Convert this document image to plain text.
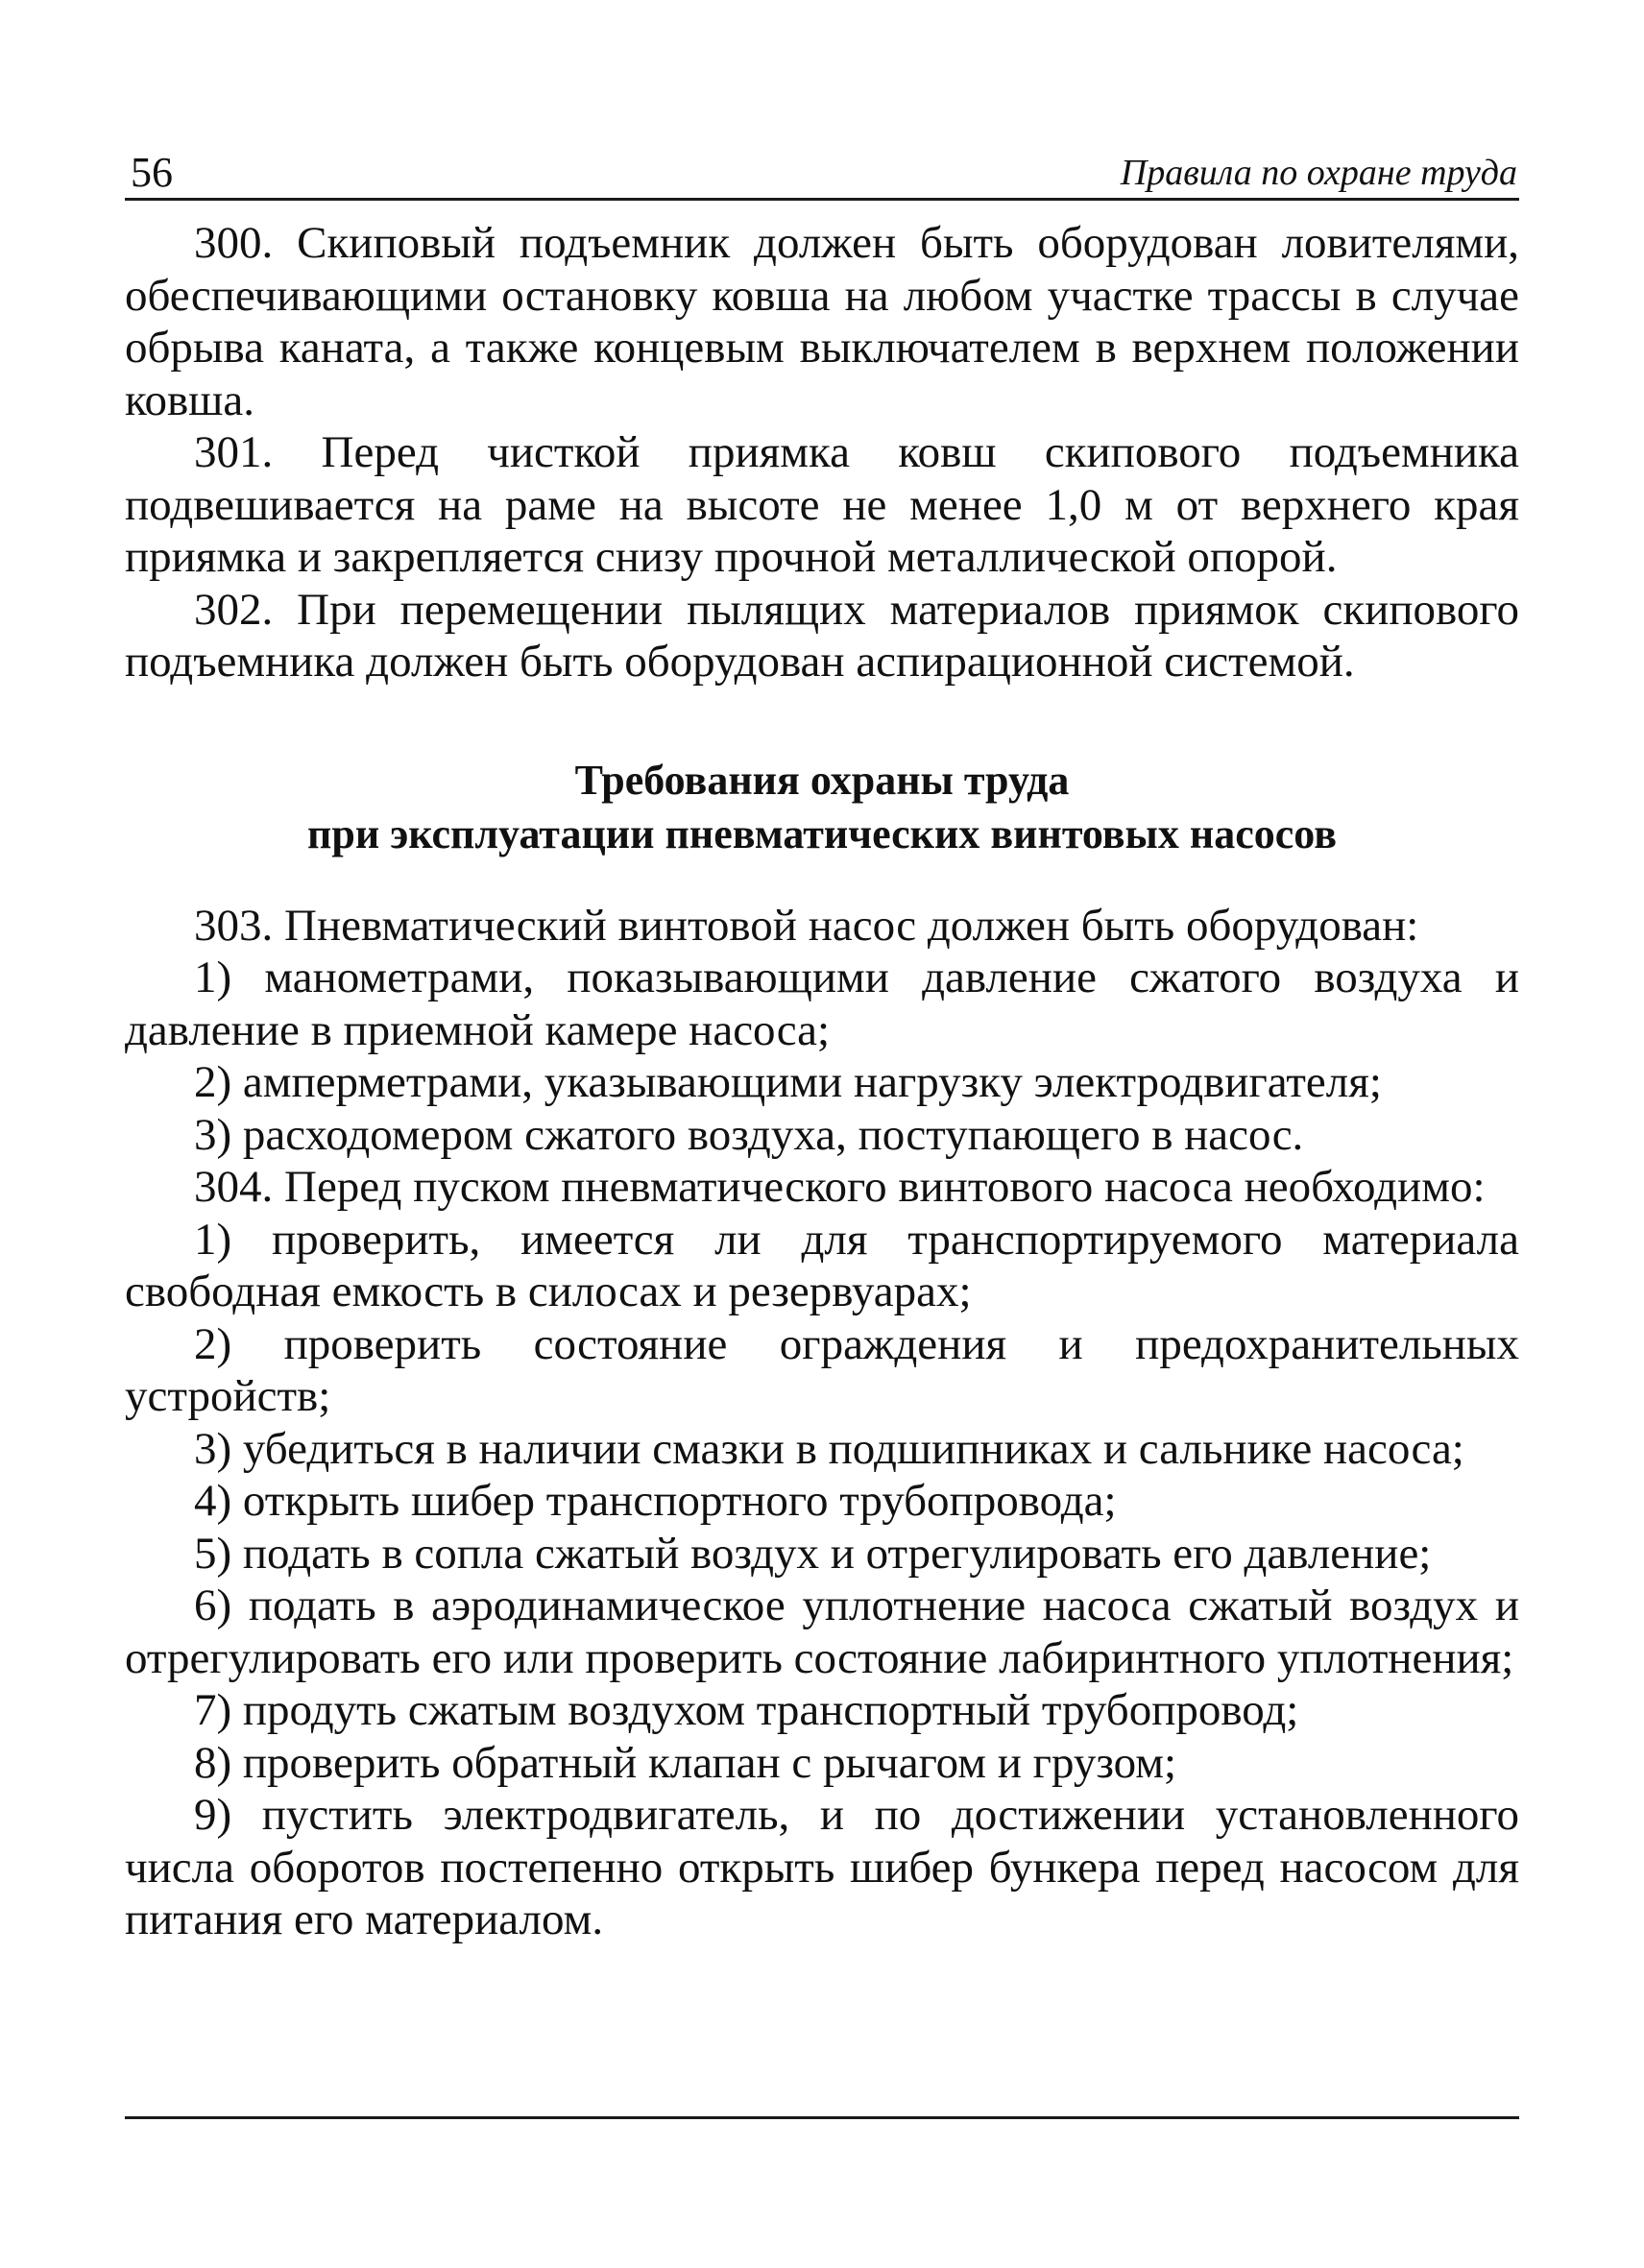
56	Правила по охране труда

300. Скиповый подъемник должен быть оборудован ловителями, обеспечивающими остановку ковша на любом участке трассы в случае обрыва каната, а также концевым выключателем в верхнем положении ковша.

301. Перед чисткой приямка ковш скипового подъемника подвешивается на раме на высоте не менее 1,0 м от верхнего края приямка и закрепляется снизу прочной металлической опорой.

302. При перемещении пылящих материалов приямок скипового подъемника должен быть оборудован аспирационной системой.

Требования охраны труда
при эксплуатации пневматических винтовых насосов

303. Пневматический винтовой насос должен быть оборудован:

1) манометрами, показывающими давление сжатого воздуха и давление в приемной камере насоса;

2) амперметрами, указывающими нагрузку электродвигателя;

3) расходомером сжатого воздуха, поступающего в насос.

304. Перед пуском пневматического винтового насоса необходимо:

1) проверить, имеется ли для транспортируемого материала свободная емкость в силосах и резервуарах;

2) проверить состояние ограждения и предохранительных устройств;

3) убедиться в наличии смазки в подшипниках и сальнике насоса;

4) открыть шибер транспортного трубопровода;

5) подать в сопла сжатый воздух и отрегулировать его давление;

6) подать в аэродинамическое уплотнение насоса сжатый воздух и отрегулировать его или проверить состояние лабиринтного уплотнения;

7) продуть сжатым воздухом транспортный трубопровод;

8) проверить обратный клапан с рычагом и грузом;

9) пустить электродвигатель, и по достижении установленного числа оборотов постепенно открыть шибер бункера перед насосом для питания его материалом.
